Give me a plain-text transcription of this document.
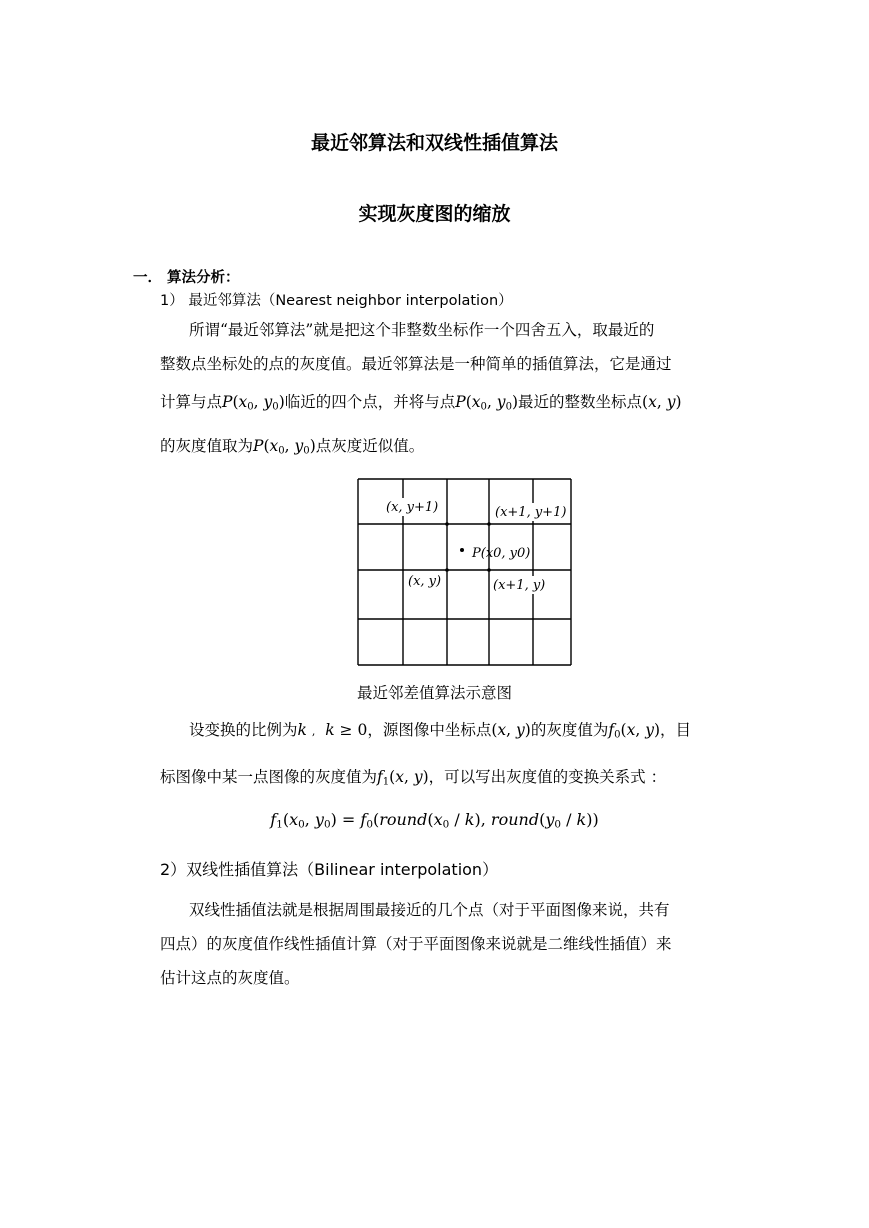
最近邻算法和双线性插值算法
实现灰度图的缩放
一． 算法分析：
1） 最近邻算法（Nearest neighbor interpolation）
所谓“最近邻算法”就是把这个非整数坐标作一个四舍五入，取最近的
整数点坐标处的点的灰度值。最近邻算法是一种简单的插值算法，它是通过
计算与点$P(x_0$, $y_0$)临近的四个点，并将与点$P(x_0$, $y_0$)最近的整数坐标点(x, y)
的灰度值取为$P(x_0$, $y_0$)点灰度近似值。
(x, y+1)	(x+1, y+1)
P(x0, y0)
(x, y)	(x+1, y)
最近邻差值算法示意图
设变换的比例为k , k ≥ 0，源图像中坐标点(x, y)的灰度值为$f_0(x$, y)，目
标图像中某一点图像的灰度值为$f_1(x$, y)，可以写出灰度值的变换关系式 ：
$f_1(x_0$, $y_0$) = $f_0(round(x_0 / k)$, $round(y_0 / k)$)
2）双线性插值算法（Bilinear interpolation）
双线性插值法就是根据周围最接近的几个点（对于平面图像来说，共有
四点）的灰度值作线性插值计算（对于平面图像来说就是二维线性插值）来
估计这点的灰度值。
